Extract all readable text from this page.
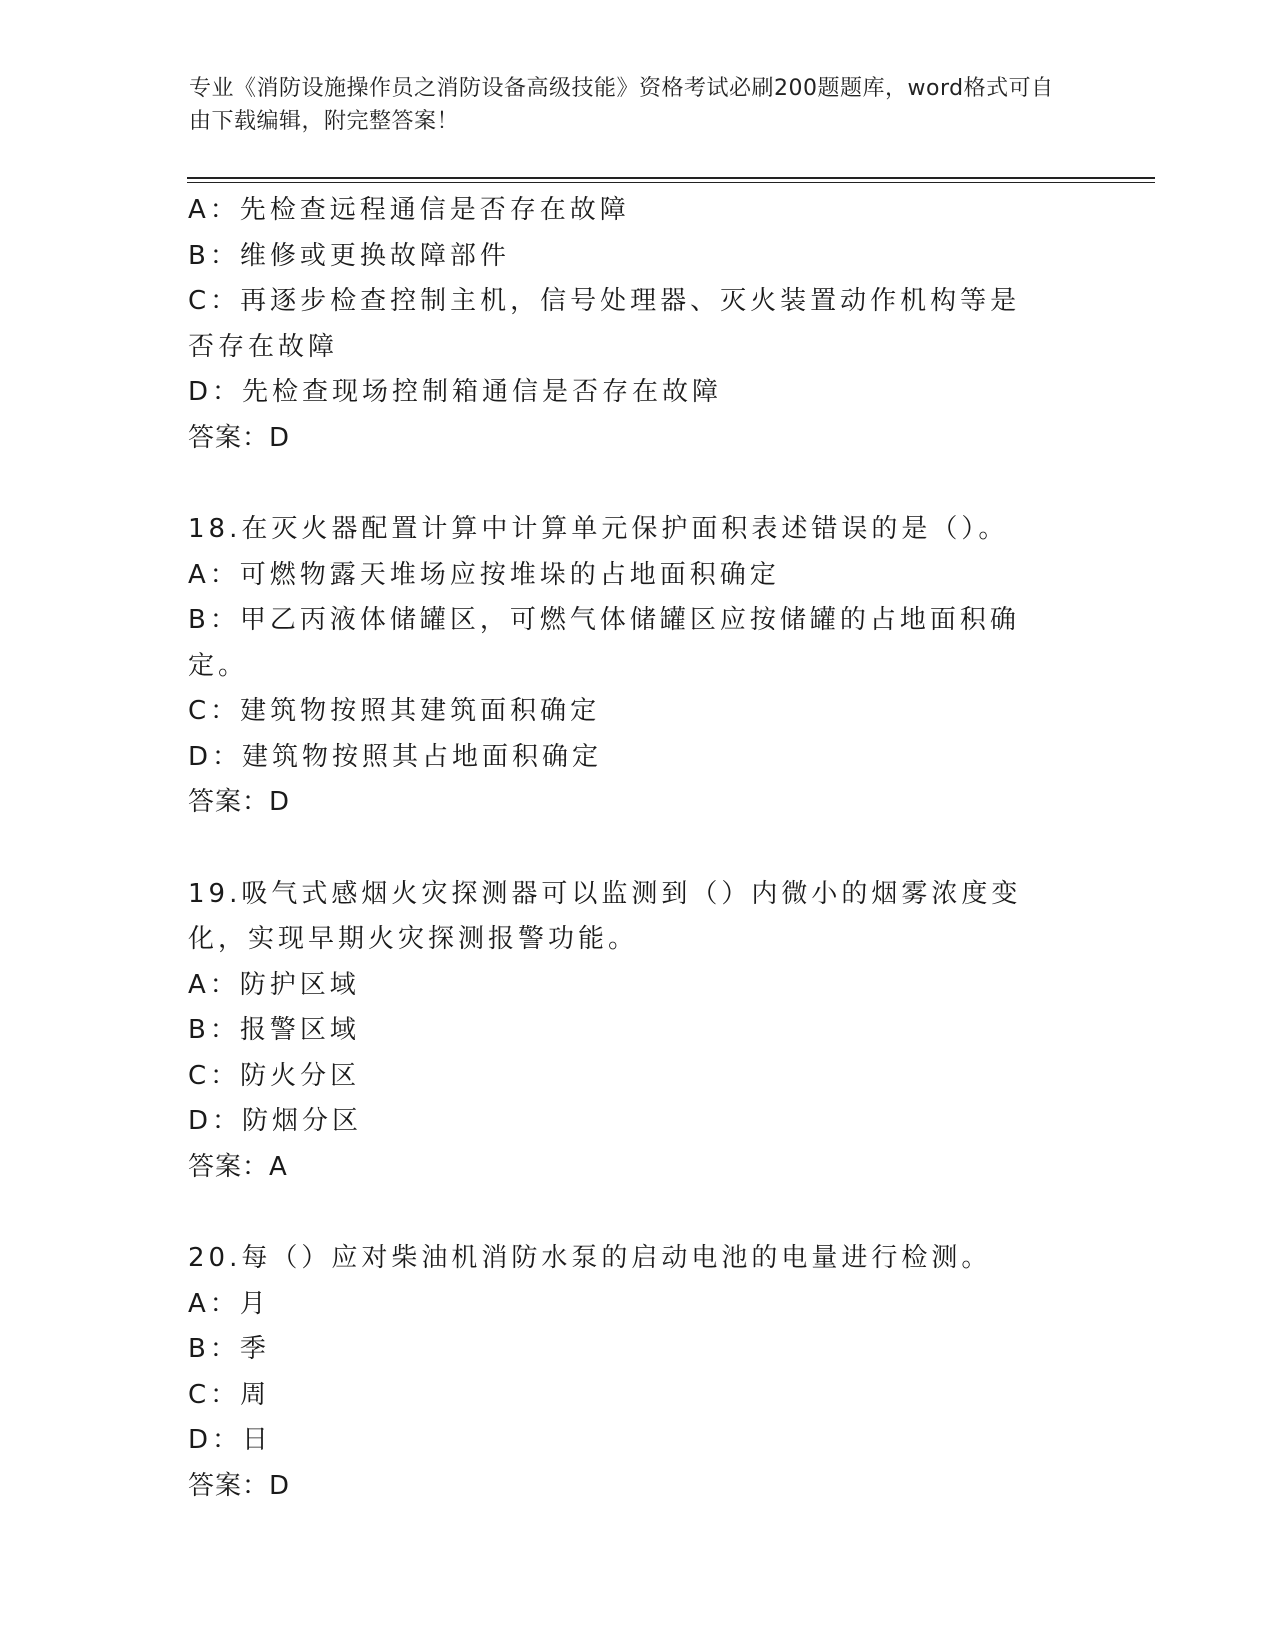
专业《消防设施操作员之消防设备高级技能》资格考试必刷200题题库，word格式可自由下载编辑，附完整答案！

A：先检查远程通信是否存在故障

B：维修或更换故障部件

C：再逐步检查控制主机，信号处理器、灭火装置动作机构等是否存在故障

D：先检查现场控制箱通信是否存在故障

答案：D

18.在灭火器配置计算中计算单元保护面积表述错误的是（）。

A：可燃物露天堆场应按堆垛的占地面积确定

B：甲乙丙液体储罐区，可燃气体储罐区应按储罐的占地面积确定。

C：建筑物按照其建筑面积确定

D：建筑物按照其占地面积确定

答案：D

19.吸气式感烟火灾探测器可以监测到（）内微小的烟雾浓度变化，实现早期火灾探测报警功能。

A：防护区域

B：报警区域

C：防火分区

D：防烟分区

答案：A

20.每（）应对柴油机消防水泵的启动电池的电量进行检测。

A：月

B：季

C：周

D：日

答案：D
